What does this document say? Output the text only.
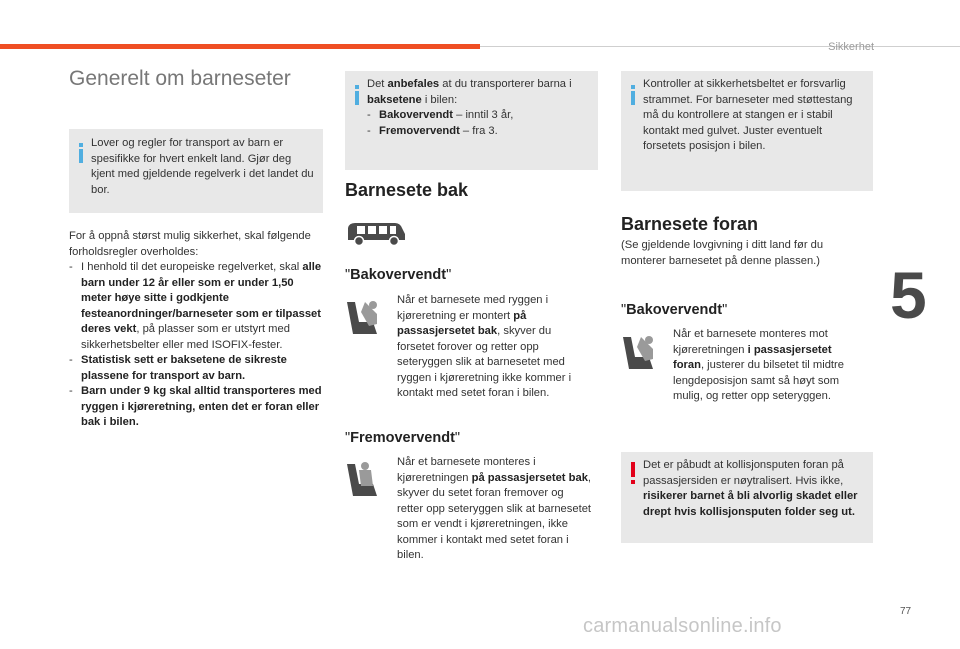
Sikkerhet
5
77
carmanualsonline.info
Generelt om barneseter

Lover og regler for transport av barn er spesifikke for hvert enkelt land. Gjør deg kjent med gjeldende regelverk i det landet du bor.

For å oppnå størst mulig sikkerhet, skal følgende forholdsregler overholdes:

- I henhold til det europeiske regelverket, skal alle barn under 12 år eller som er under 1,50 meter høye sitte i godkjente festeanordninger/barneseter som er tilpasset deres vekt, på plasser som er utstyrt med sikkerhetsbelter eller med ISOFIX-fester.
- Statistisk sett er baksetene de sikreste plassene for transport av barn.
- Barn under 9 kg skal alltid transporteres med ryggen i kjøreretning, enten det er foran eller bak i bilen.

Det anbefales at du transporterer barna i baksetene i bilen:

- Bakovervendt – inntil 3 år,
- Fremovervendt – fra 3.
Barnesete bak
"Bakovervendt"

Når et barnesete med ryggen i kjøreretning er montert på passasjersetet bak, skyver du forsetet forover og retter opp seteryggen slik at barnesetet med ryggen i kjøreretning ikke kommer i kontakt med setet foran i bilen.

"Fremovervendt"

Når et barnesete monteres i kjøreretningen på passasjersetet bak, skyver du setet foran fremover og retter opp seteryggen slik at barnesetet som er vendt i kjøreretningen, ikke kommer i kontakt med setet foran i bilen.

Kontroller at sikkerhetsbeltet er forsvarlig strammet. For barneseter med støttestang må du kontrollere at stangen er i stabil kontakt med gulvet. Juster eventuelt forsetets posisjon i bilen.

Barnesete foran

(Se gjeldende lovgivning i ditt land før du monterer barnesetet på denne plassen.)

"Bakovervendt"

Når et barnesete monteres mot kjøreretningen i passasjersetet foran, justerer du bilsetet til midtre lengdeposisjon samt så høyt som mulig, og retter opp seteryggen.

Det er påbudt at kollisjonsputen foran på passasjersiden er nøytralisert. Hvis ikke, risikerer barnet å bli alvorlig skadet eller drept hvis kollisjonsputen folder seg ut.
